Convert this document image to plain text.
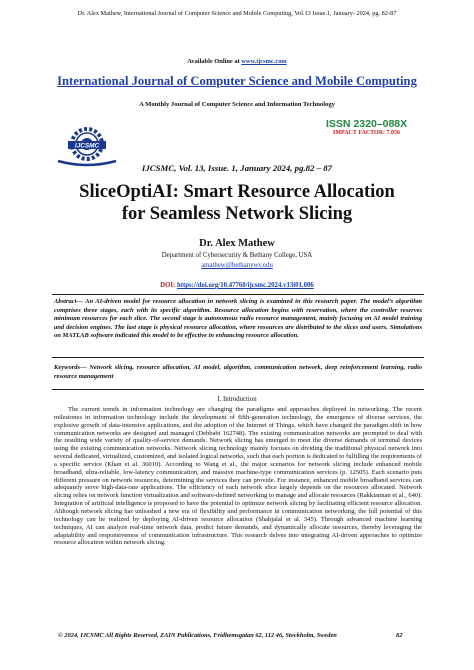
Dr. Alex Mathew, International Journal of Computer Science and Mobile Computing, Vol.13 Issue.1, January- 2024, pg. 82-87
Available Online at www.ijcsmc.com
International Journal of Computer Science and Mobile Computing
A Monthly Journal of Computer Science and Information Technology
IJCSMC
ISSN 2320–088X
IMPACT FACTOR: 7.056
IJCSMC, Vol. 13, Issue. 1, January 2024, pg.82 – 87
SliceOptiAI: Smart Resource Allocation
for Seamless Network Slicing
Dr. Alex Mathew
Department of Cybersecurity & Bethany College, USA
amathew@bethanywv.edu
DOI: https://doi.org/10.47760/ijcsmc.2024.v13i01.006
Abstract— An AI-driven model for resource allocation in network slicing is examined in this research paper. The model’s algorithm comprises three stages, each with its specific algorithm. Resource allocation begins with reservation, where the controller reserves minimum resources for each slice. The second stage is autonomous radio resource management, mainly focusing on AI model training and decision engines. The last stage is physical resource allocation, where resources are distributed to the slices and users. Simulations on MATLAB software indicated this model to be effective in enhancing resource allocation.
Keywords— Network slicing, resource allocation, AI model, algorithm, communication network, deep reinforcement learning, radio resource management
I. Introduction
The current trends in information technology are changing the paradigms and approaches deployed in networking. The recent milestones in information technology include the development of fifth-generation technology, the emergence of diverse services, the explosive growth of data-intensive applications, and the adoption of the Internet of Things, which have changed the paradigm shift in how communication networks are designed and managed (Debbabi 162748). The existing communication networks are prompted to deal with the resulting wide variety of quality-of-service demands. Network slicing has emerged to meet the diverse demands of terminal devices using the existing communication networks. Network slicing technology mainly focuses on dividing the traditional physical network into several dedicated, virtualized, customized, and isolated logical networks, such that each portion is dedicated to fulfilling the requirements of a specific service (Khan et al. 36010). According to Wang et al., the major scenarios for network slicing include enhanced mobile broadband, ultra-reliable, low-latency communication, and massive machine-type communication services (p. 12505). Each scenario puts different pressure on network resources, determining the services they can provide. For instance, enhanced mobile broadband services can adequately serve high-data-rate applications. The efficiency of each network slice largely depends on the resources allocated. Network slicing relies on network function virtualization and software-defined networking to manage and allocate resources (Rakkiannan et al., 640). Integration of artificial intelligence is proposed to have the potential to optimize network slicing by facilitating efficient resource allocation. Although network slicing has unleashed a new era of flexibility and performance in communication networking, the full potential of this technology can be realized by deploying AI-driven resource allocation (Shahjalal et al. 345). Through advanced machine learning techniques, AI can analyze real-time network data, predict future demands, and dynamically allocate resources, thereby leveraging the adaptability and responsiveness of communication infrastructure. This research delves into integrating AI-driven approaches to optimize resource allocation within network slicing.
© 2024, IJCSMC All Rights Reserved, ZAIN Publications, Fridhemsgatan 62, 112 46, Stockholm, Sweden	82
